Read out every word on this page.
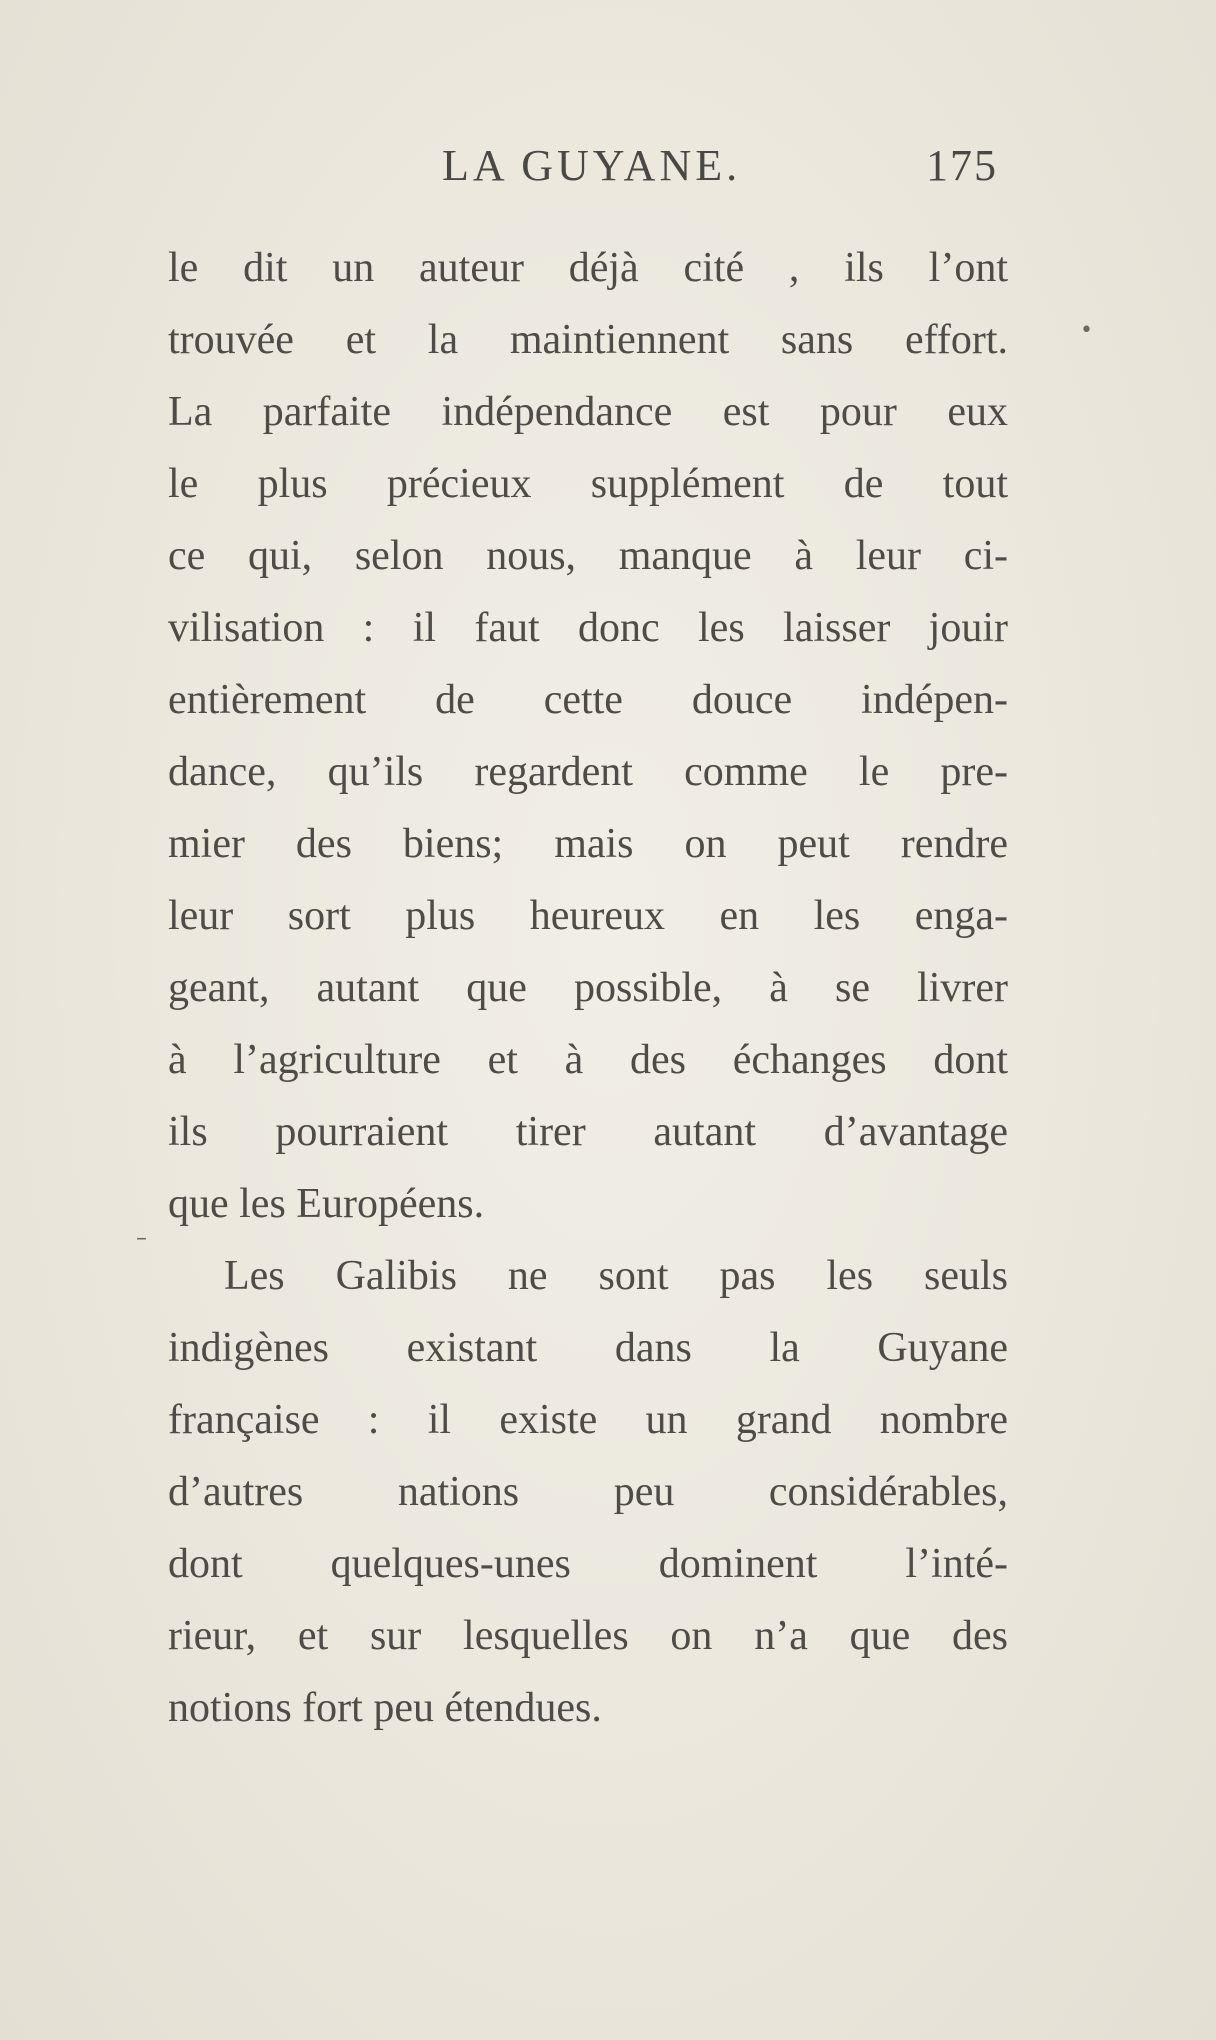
LA GUYANE.	175
•
–
le dit un auteur déjà cité , ils l’ont
trouvée et la maintiennent sans effort.
La parfaite indépendance est pour eux
le plus précieux supplément de tout
ce qui, selon nous, manque à leur ci-
vilisation : il faut donc les laisser jouir
entièrement de cette douce indépen-
dance, qu’ils regardent comme le pre-
mier des biens; mais on peut rendre
leur sort plus heureux en les enga-
geant, autant que possible, à se livrer
à l’agriculture et à des échanges dont
ils pourraient tirer autant d’avantage
que les Européens.
Les Galibis ne sont pas les seuls
indigènes existant dans la Guyane
française : il existe un grand nombre
d’autres nations peu considérables,
dont quelques-unes dominent l’inté-
rieur, et sur lesquelles on n’a que des
notions fort peu étendues.
